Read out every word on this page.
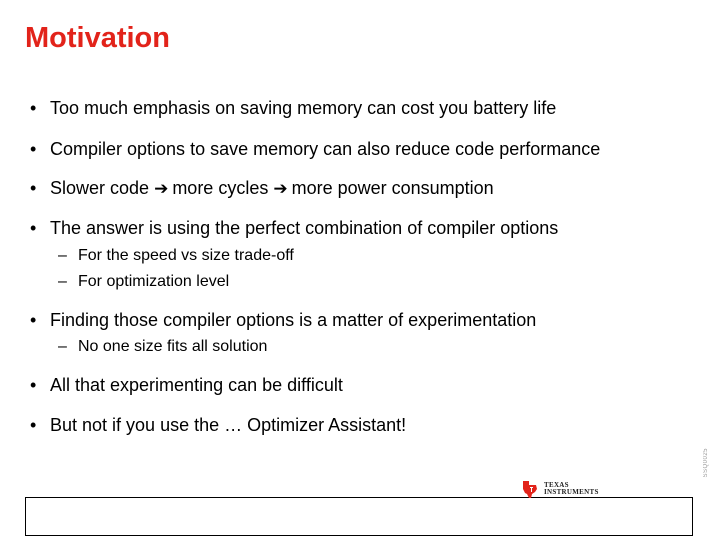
Motivation
• Too much emphasis on saving memory can cost you battery life
• Compiler options to save memory can also reduce code performance
• Slower code ➔ more cycles ➔ more power consumption
• The answer is using the perfect combination of compiler options
– For the speed vs size trade-off
– For optimization level
• Finding those compiler options is a matter of experimentation
– No one size fits all solution
• All that experimenting can be difficult
• But not if you use the … Optimizer Assistant!
SSQ0025
TEXAS
INSTRUMENTS
